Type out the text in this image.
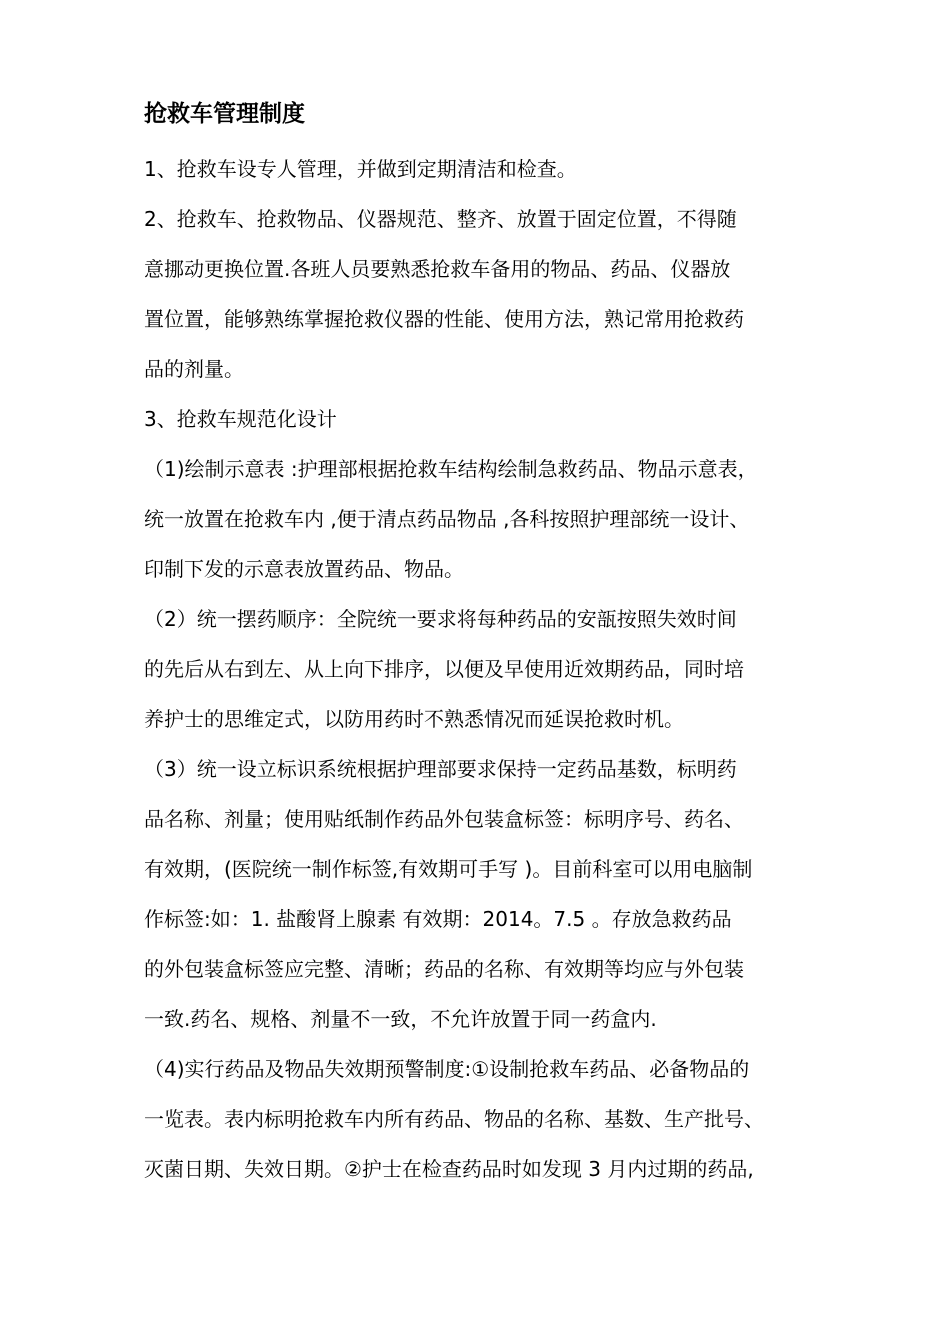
抢救车管理制度
1、抢救车设专人管理，并做到定期清洁和检查。
2、抢救车、抢救物品、仪器规范、整齐、放置于固定位置，不得随
意挪动更换位置.各班人员要熟悉抢救车备用的物品、药品、仪器放
置位置，能够熟练掌握抢救仪器的性能、使用方法，熟记常用抢救药
品的剂量。
3、抢救车规范化设计
（1)绘制示意表 :护理部根据抢救车结构绘制急救药品、物品示意表，
统一放置在抢救车内 ,便于清点药品物品 ,各科按照护理部统一设计、
印制下发的示意表放置药品、物品。
（2）统一摆药顺序：全院统一要求将每种药品的安瓿按照失效时间
的先后从右到左、从上向下排序，以便及早使用近效期药品，同时培
养护士的思维定式，以防用药时不熟悉情况而延误抢救时机。
（3）统一设立标识系统根据护理部要求保持一定药品基数，标明药
品名称、剂量；使用贴纸制作药品外包装盒标签：标明序号、药名、
有效期，(医院统一制作标签,有效期可手写 )。目前科室可以用电脑制
作标签:如：1. 盐酸肾上腺素 有效期：2014。7.5 。存放急救药品
的外包装盒标签应完整、清晰；药品的名称、有效期等均应与外包装
一致.药名、规格、剂量不一致，不允许放置于同一药盒内.
（4)实行药品及物品失效期预警制度:①设制抢救车药品、必备物品的
一览表。表内标明抢救车内所有药品、物品的名称、基数、生产批号、
灭菌日期、失效日期。②护士在检查药品时如发现 3 月内过期的药品,
